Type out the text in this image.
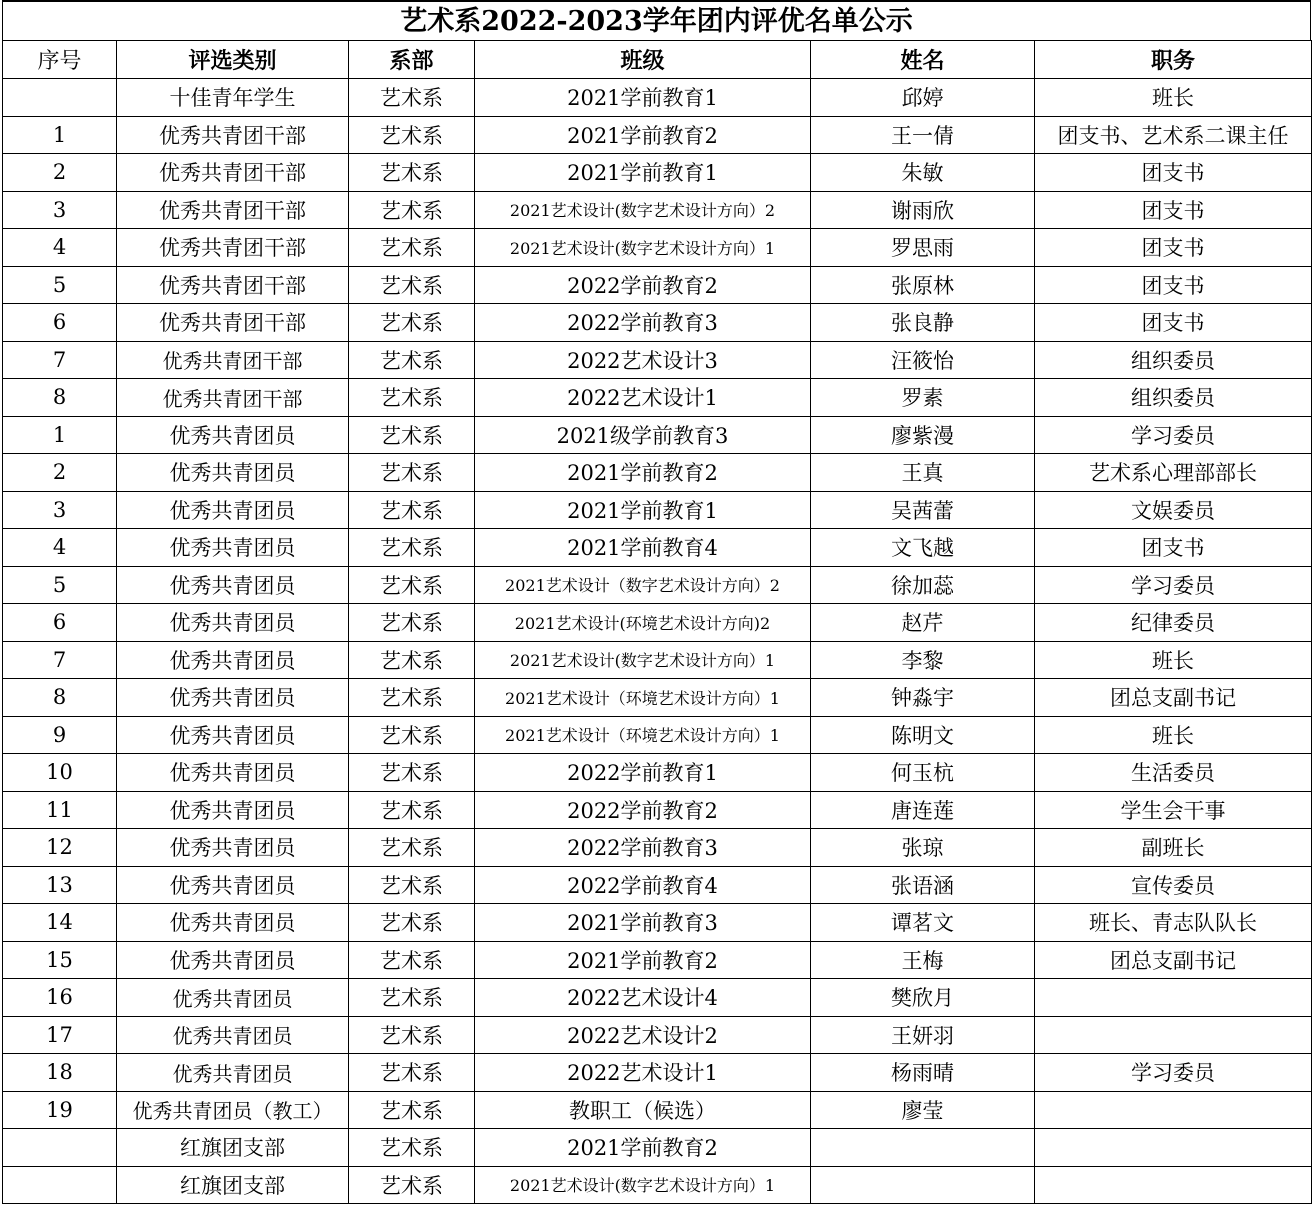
艺术系2022-2023学年团内评优名单公示
序号	评选类别	系部	班级	姓名	职务
	十佳青年学生	艺术系	2021学前教育1	邱婷	班长
1	优秀共青团干部	艺术系	2021学前教育2	王一倩	团支书、艺术系二课主任
2	优秀共青团干部	艺术系	2021学前教育1	朱敏	团支书
3	优秀共青团干部	艺术系	2021艺术设计(数字艺术设计方向）2	谢雨欣	团支书
4	优秀共青团干部	艺术系	2021艺术设计(数字艺术设计方向）1	罗思雨	团支书
5	优秀共青团干部	艺术系	2022学前教育2	张原林	团支书
6	优秀共青团干部	艺术系	2022学前教育3	张良静	团支书
7	优秀共青团干部	艺术系	2022艺术设计3	汪筱怡	组织委员
8	优秀共青团干部	艺术系	2022艺术设计1	罗素	组织委员
1	优秀共青团员	艺术系	2021级学前教育3	廖紫漫	学习委员
2	优秀共青团员	艺术系	2021学前教育2	王真	艺术系心理部部长
3	优秀共青团员	艺术系	2021学前教育1	吴茜蕾	文娱委员
4	优秀共青团员	艺术系	2021学前教育4	文飞越	团支书
5	优秀共青团员	艺术系	2021艺术设计（数字艺术设计方向）2	徐加蕊	学习委员
6	优秀共青团员	艺术系	2021艺术设计(环境艺术设计方向)2	赵芹	纪律委员
7	优秀共青团员	艺术系	2021艺术设计(数字艺术设计方向）1	李黎	班长
8	优秀共青团员	艺术系	2021艺术设计（环境艺术设计方向）1	钟淼宇	团总支副书记
9	优秀共青团员	艺术系	2021艺术设计（环境艺术设计方向）1	陈明文	班长
10	优秀共青团员	艺术系	2022学前教育1	何玉杭	生活委员
11	优秀共青团员	艺术系	2022学前教育2	唐连莲	学生会干事
12	优秀共青团员	艺术系	2022学前教育3	张琼	副班长
13	优秀共青团员	艺术系	2022学前教育4	张语涵	宣传委员
14	优秀共青团员	艺术系	2021学前教育3	谭茗文	班长、青志队队长
15	优秀共青团员	艺术系	2021学前教育2	王梅	团总支副书记
16	优秀共青团员	艺术系	2022艺术设计4	樊欣月	
17	优秀共青团员	艺术系	2022艺术设计2	王妍羽	
18	优秀共青团员	艺术系	2022艺术设计1	杨雨晴	学习委员
19	优秀共青团员（教工）	艺术系	教职工（候选）	廖莹	
	红旗团支部	艺术系	2021学前教育2		
	红旗团支部	艺术系	2021艺术设计(数字艺术设计方向）1		
